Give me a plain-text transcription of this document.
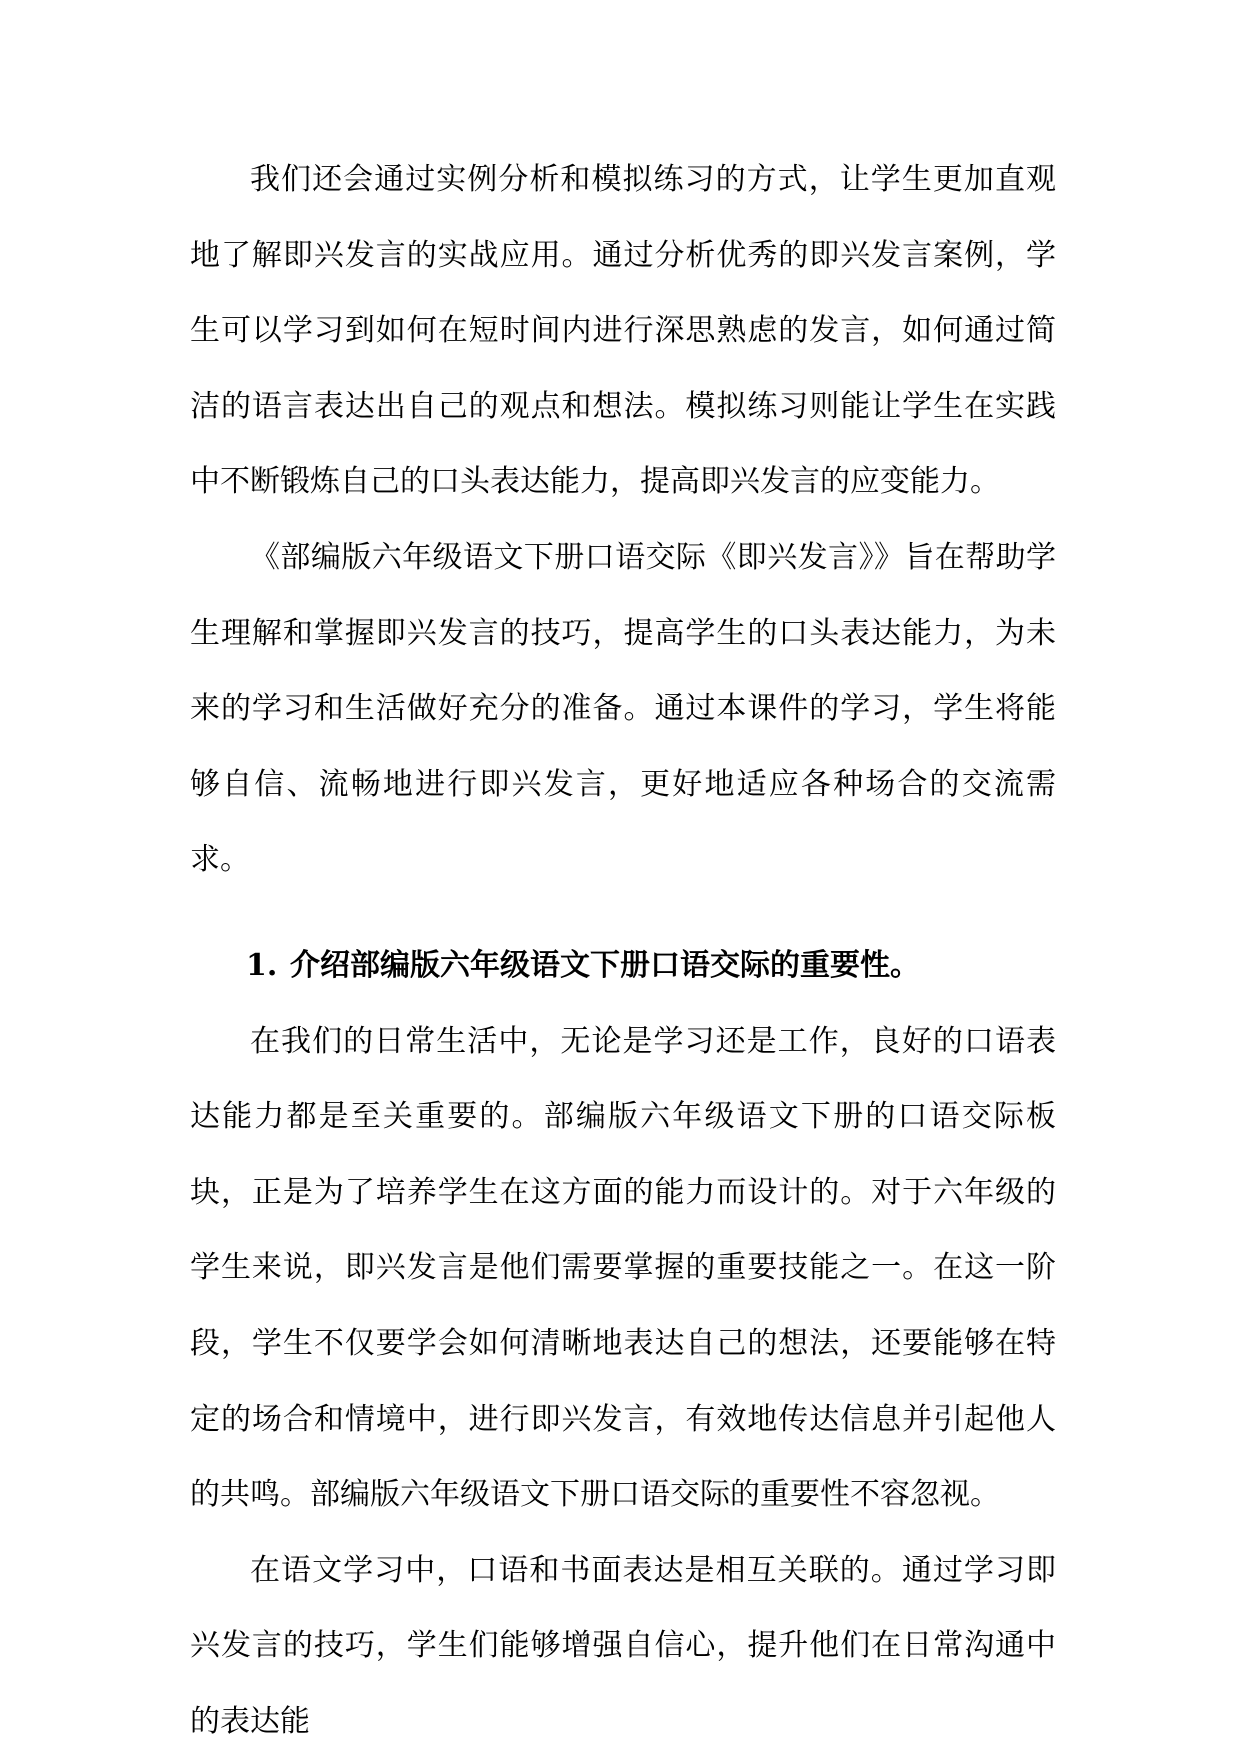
我们还会通过实例分析和模拟练习的方式，让学生更加直观地了解即兴发言的实战应用。通过分析优秀的即兴发言案例，学生可以学习到如何在短时间内进行深思熟虑的发言，如何通过简洁的语言表达出自己的观点和想法。模拟练习则能让学生在实践中不断锻炼自己的口头表达能力，提高即兴发言的应变能力。

《部编版六年级语文下册口语交际《即兴发言》》旨在帮助学生理解和掌握即兴发言的技巧，提高学生的口头表达能力，为未来的学习和生活做好充分的准备。通过本课件的学习，学生将能够自信、流畅地进行即兴发言，更好地适应各种场合的交流需求。

1. 介绍部编版六年级语文下册口语交际的重要性。

在我们的日常生活中，无论是学习还是工作，良好的口语表达能力都是至关重要的。部编版六年级语文下册的口语交际板块，正是为了培养学生在这方面的能力而设计的。对于六年级的学生来说，即兴发言是他们需要掌握的重要技能之一。在这一阶段，学生不仅要学会如何清晰地表达自己的想法，还要能够在特定的场合和情境中，进行即兴发言，有效地传达信息并引起他人的共鸣。部编版六年级语文下册口语交际的重要性不容忽视。

在语文学习中，口语和书面表达是相互关联的。通过学习即兴发言的技巧，学生们能够增强自信心，提升他们在日常沟通中的表达能
